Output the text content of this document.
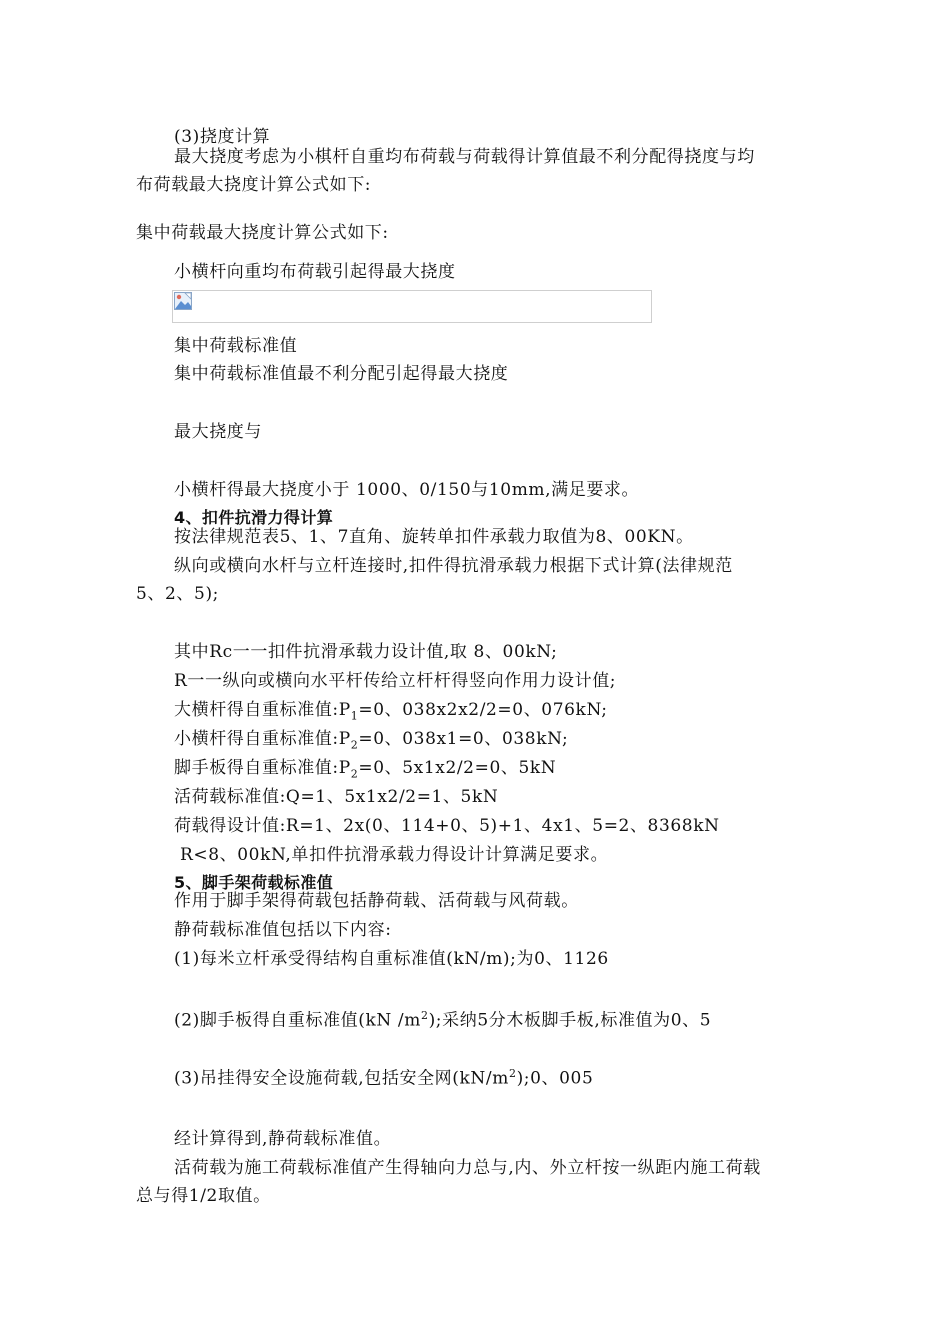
(3)挠度计算
最大挠度考虑为小棋杆自重均布荷载与荷载得计算值最不利分配得挠度与均
布荷载最大挠度计算公式如下:
集中荷载最大挠度计算公式如下:
小横杆向重均布荷载引起得最大挠度
集中荷载标准值
集中荷载标准值最不利分配引起得最大挠度
最大挠度与
小横杆得最大挠度小于 1000、0/150与10mm,满足要求。
4、扣件抗滑力得计算
按法律规范表5、1、7直角、旋转单扣件承载力取值为8、00KN。
纵向或横向水杆与立杆连接时,扣件得抗滑承载力根据下式计算(法律规范
5、2、5);
其中Rc一一扣件抗滑承载力设计值,取 8、00kN;
R一一纵向或横向水平杆传给立杆杆得竖向作用力设计值;
大横杆得自重标准值$:P_1=0$、038x2x2/2=0、076kN;
小横杆得自重标准值$:P_2=0$、038x1=0、038kN;
脚手板得自重标准值$:P_2=0$、5x1x2/2=0、5kN
活荷载标准值:Q=1、5x1x2/2=1、5kN
荷载得设计值:R=1、2x(0、114+0、5)+1、4x1、5=2、8368kN
R<8、00kN,单扣件抗滑承载力得设计计算满足要求。
5、脚手架荷载标准值
作用于脚手架得荷载包括静荷载、活荷载与风荷载。
静荷载标准值包括以下内容:
(1)每米立杆承受得结构自重标准值(kN/m);为0、1126
(2)脚手板得自重标准值(kN $/m^2$);采纳5分木板脚手板,标准值为0、5
(3)吊挂得安全设施荷载,包括安全网$(kN/m^2);0$、005
经计算得到,静荷载标准值。
活荷载为施工荷载标准值产生得轴向力总与,内、外立杆按一纵距内施工荷载
总与得1/2取值。
